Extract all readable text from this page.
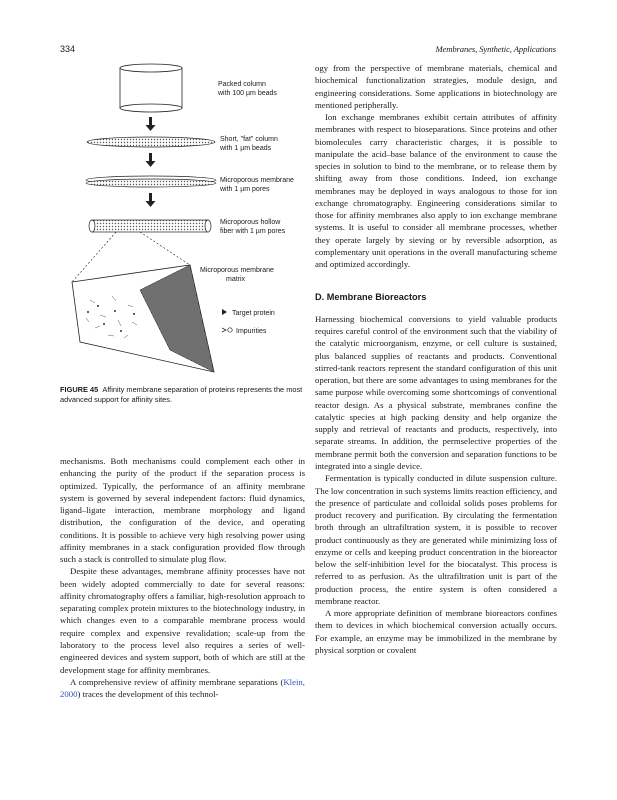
334	Membranes, Synthetic, Applications
Packed column
with 100 µm beads
Short, "fat" column
with 1 µm beads
Microporous membrane
with 1 µm pores
Microporous hollow
fiber with 1 µm pores
Microporous membrane
matrix
Target protein
Impurities
FIGURE 45 Affinity membrane separation of proteins represents the most advanced support for affinity sites.

mechanisms. Both mechanisms could complement each other in enhancing the purity of the product if the separation process is optimized. Typically, the performance of an affinity membrane system is governed by several independent factors: fluid dynamics, ligand–ligate interaction, membrane morphology and ligand distribution, the configuration of the device, and operating conditions. It is possible to achieve very high resolving power using affinity membranes in a stack configuration provided flow through such a stack is controlled to simulate plug flow.

Despite these advantages, membrane affinity processes have not been widely adopted commercially to date for several reasons: affinity chromatography offers a familiar, high-resolution approach to separating complex protein mixtures to the biotechnology industry, in which changes even to a comparable membrane process would require complex and expensive revalidation; scale-up from the laboratory to the process level also requires a series of well-engineered devices and system support, both of which are still at the development stage for affinity membranes.

A comprehensive review of affinity membrane separations (Klein, 2000) traces the development of this technol-

ogy from the perspective of membrane materials, chemical and biochemical functionalization strategies, module design, and engineering considerations. Some applications in biotechnology are mentioned peripherally.

Ion exchange membranes exhibit certain attributes of affinity membranes with respect to bioseparations. Since proteins and other biomolecules carry characteristic charges, it is possible to manipulate the acid–base balance of the environment to cause the species in solution to bind to the membrane, or to release them by shifting away from those conditions. Indeed, ion exchange membranes may be deployed in ways analogous to those for ion exchange chromatography. Engineering considerations similar to those for affinity membranes also apply to ion exchange membrane systems. It is useful to consider all membrane processes, whether they operate largely by sieving or by reversible adsorption, as complementary unit operations in the overall manufacturing scheme and optimized accordingly.

D. Membrane Bioreactors

Harnessing biochemical conversions to yield valuable products requires careful control of the environment such that the viability of the catalytic microorganism, enzyme, or cell culture is sustained, plus balanced supplies of reactants and products. Conventional stirred-tank reactors represent the standard configuration of this unit operation, but there are some advantages to using membranes for the same purpose while overcoming some shortcomings of conventional reactor design. As a physical substrate, membranes confine the catalytic species at high packing density and help organize the supply and retrieval of reactants and products, respectively, into separate streams. In addition, the permselective properties of the membrane permit both the conversion and separation functions to be integrated into a single device.

Fermentation is typically conducted in dilute suspension culture. The low concentration in such systems limits reaction efficiency, and the presence of particulate and colloidal solids poses problems for product recovery and purification. By circulating the fermentation broth through an ultrafiltration system, it is possible to recover product continuously as they are generated while minimizing loss of enzyme or cells and keeping product concentration in the bioreactor below the self-inhibition level for the biocatalyst. This process is referred to as perfusion. As the ultrafiltration unit is part of the production process, the entire system is often considered a membrane reactor.

A more appropriate definition of membrane bioreactors confines them to devices in which biochemical conversion actually occurs. For example, an enzyme may be immobilized in the membrane by physical sorption or covalent
